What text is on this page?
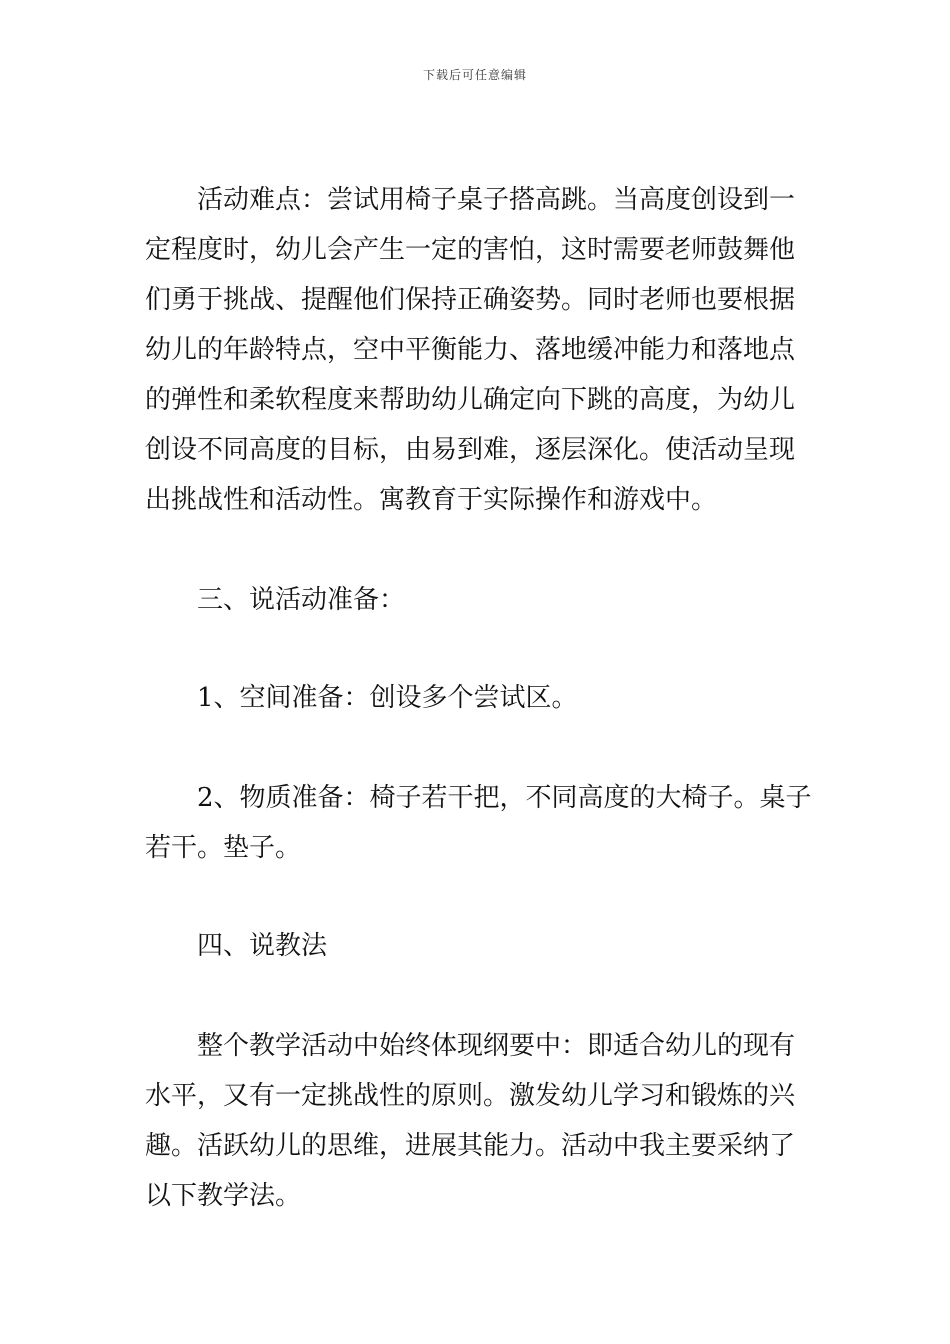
下载后可任意编辑
活动难点：尝试用椅子桌子搭高跳。当高度创设到一
定程度时，幼儿会产生一定的害怕，这时需要老师鼓舞他
们勇于挑战、提醒他们保持正确姿势。同时老师也要根据
幼儿的年龄特点，空中平衡能力、落地缓冲能力和落地点
的弹性和柔软程度来帮助幼儿确定向下跳的高度，为幼儿
创设不同高度的目标，由易到难，逐层深化。使活动呈现
出挑战性和活动性。寓教育于实际操作和游戏中。
三、说活动准备：
1、空间准备：创设多个尝试区。
2、物质准备：椅子若干把，不同高度的大椅子。桌子
若干。垫子。
四、说教法
整个教学活动中始终体现纲要中：即适合幼儿的现有
水平，又有一定挑战性的原则。激发幼儿学习和锻炼的兴
趣。活跃幼儿的思维，进展其能力。活动中我主要采纳了
以下教学法。
